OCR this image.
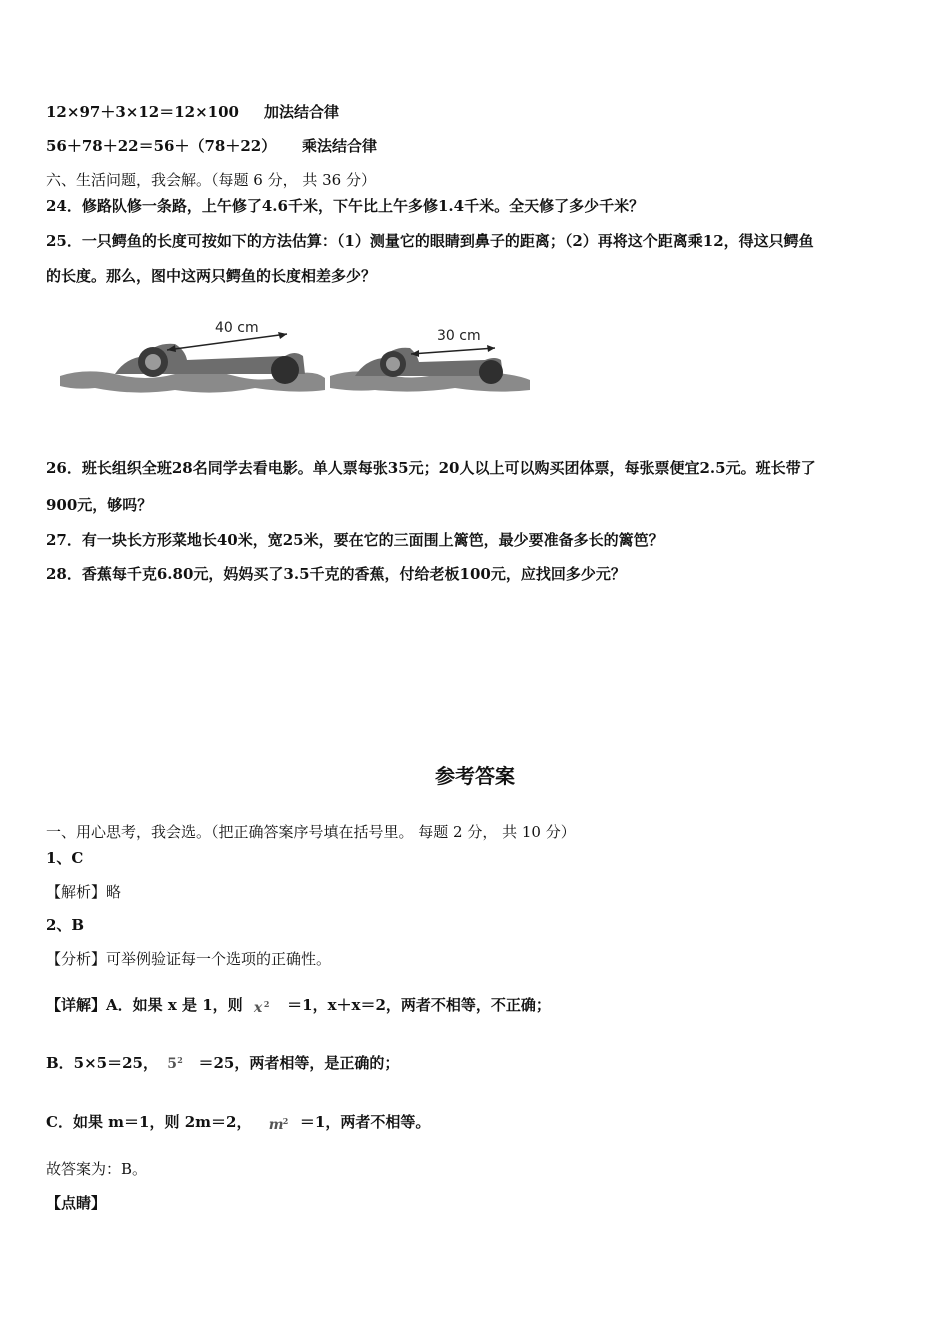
12×97＋3×12＝12×100 加法结合律
56＋78＋22＝56＋（78＋22） 乘法结合律
六、生活问题，我会解。（每题 6 分， 共 36 分）
24．修路队修一条路，上午修了4.6千米，下午比上午多修1.4千米。全天修了多少千米？
25．一只鳄鱼的长度可按如下的方法估算：（1）测量它的眼睛到鼻子的距离；（2）再将这个距离乘12，得这只鳄鱼
的长度。那么，图中这两只鳄鱼的长度相差多少？
40 cm	30 cm
26．班长组织全班28名同学去看电影。单人票每张35元；20人以上可以购买团体票，每张票便宜2.5元。班长带了
900元，够吗？
27．有一块长方形菜地长40米，宽25米，要在它的三面围上篱笆，最少要准备多长的篱笆？
28．香蕉每千克6.80元，妈妈买了3.5千克的香蕉，付给老板100元，应找回多少元？
参考答案
一、用心思考，我会选。（把正确答案序号填在括号里。 每题 2 分， 共 10 分）
1、C
【解析】略
2、B
【分析】可举例验证每一个选项的正确性。
【详解】A．如果 x 是 1，则 x 2 ＝1，x＋x＝2，两者不相等，不正确；
B．5×5＝25， 5 2 ＝25，两者相等，是正确的；
C．如果 m＝1，则 2m＝2， m 2 ＝1，两者不相等。
故答案为：B。
【点睛】
